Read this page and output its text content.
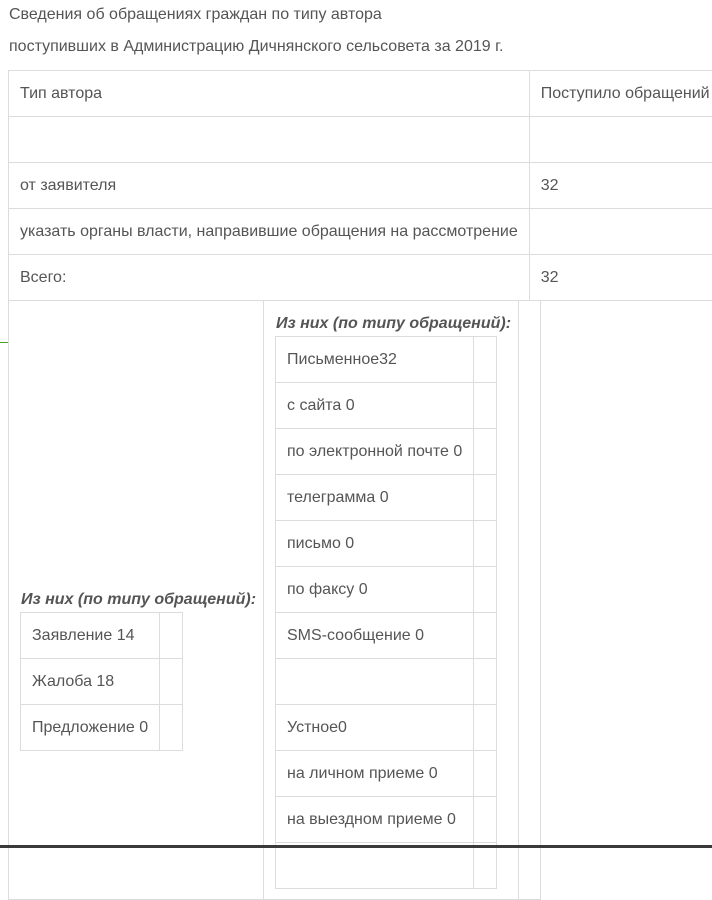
Сведения об обращениях граждан по типу автора

поступивших в Администрацию Дичнянского сельсовета за 2019 г.

Тип автора	Поступило обращений

от заявителя	32
указать органы власти, направившие обращения на рассмотрение	
Всего:	32

Из них (по типу обращений):

Заявление 14	
Жалоба 18	
Предложение 0	

Из них (по типу обращений):

Письменное32	
с сайта 0	
по электронной почте 0	
телеграмма 0	
письмо 0	
по факсу 0	
SMS-сообщение 0	

Устное0	
на личном приеме 0	
на выездном приеме 0	
